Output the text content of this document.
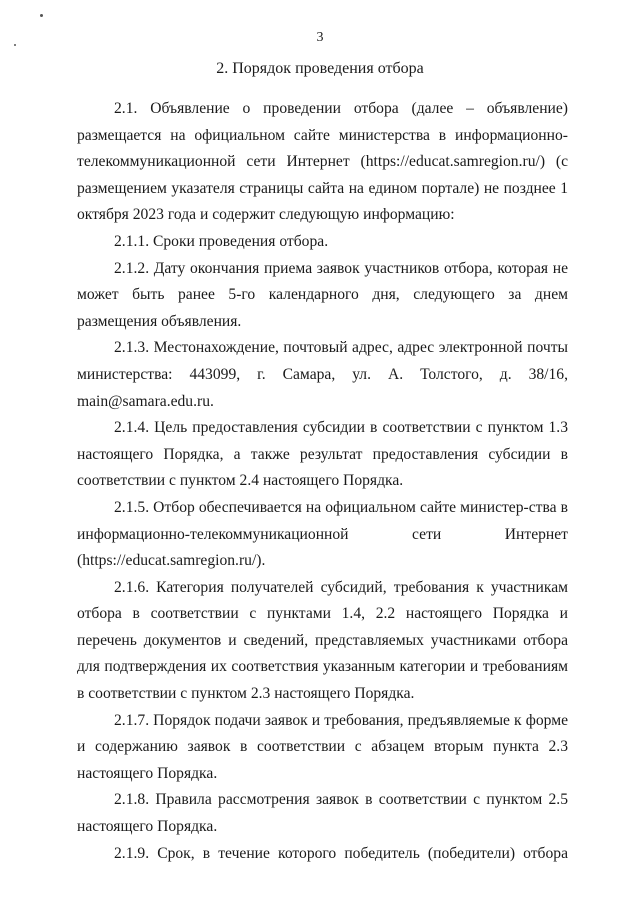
3
2. Порядок проведения отбора

2.1. Объявление о проведении отбора (далее – объявление) размещается на официальном сайте министерства в информационно-телекоммуникационной сети Интернет (https://educat.samregion.ru/) (с размещением указателя страницы сайта на едином портале) не позднее 1 октября 2023 года и содержит следующую информацию:

2.1.1. Сроки проведения отбора.

2.1.2. Дату окончания приема заявок участников отбора, которая не может быть ранее 5-го календарного дня, следующего за днем размещения объявления.

2.1.3. Местонахождение, почтовый адрес, адрес электронной почты министерства: 443099, г. Самара, ул. А. Толстого, д. 38/16, main@samara.edu.ru.

2.1.4. Цель предоставления субсидии в соответствии с пунктом 1.3 настоящего Порядка, а также результат предоставления субсидии в соответствии с пунктом 2.4 настоящего Порядка.

2.1.5. Отбор обеспечивается на официальном сайте министер-ства в информационно-телекоммуникационной сети Интернет (https://educat.samregion.ru/).

2.1.6. Категория получателей субсидий, требования к участникам отбора в соответствии с пунктами 1.4, 2.2 настоящего Порядка и перечень документов и сведений, представляемых участниками отбора для подтверждения их соответствия указанным категории и требованиям в соответствии с пунктом 2.3 настоящего Порядка.

2.1.7. Порядок подачи заявок и требования, предъявляемые к форме и содержанию заявок в соответствии с абзацем вторым пункта 2.3 настоящего Порядка.

2.1.8. Правила рассмотрения заявок в соответствии с пунктом 2.5 настоящего Порядка.

2.1.9. Срок, в течение которого победитель (победители) отбора
